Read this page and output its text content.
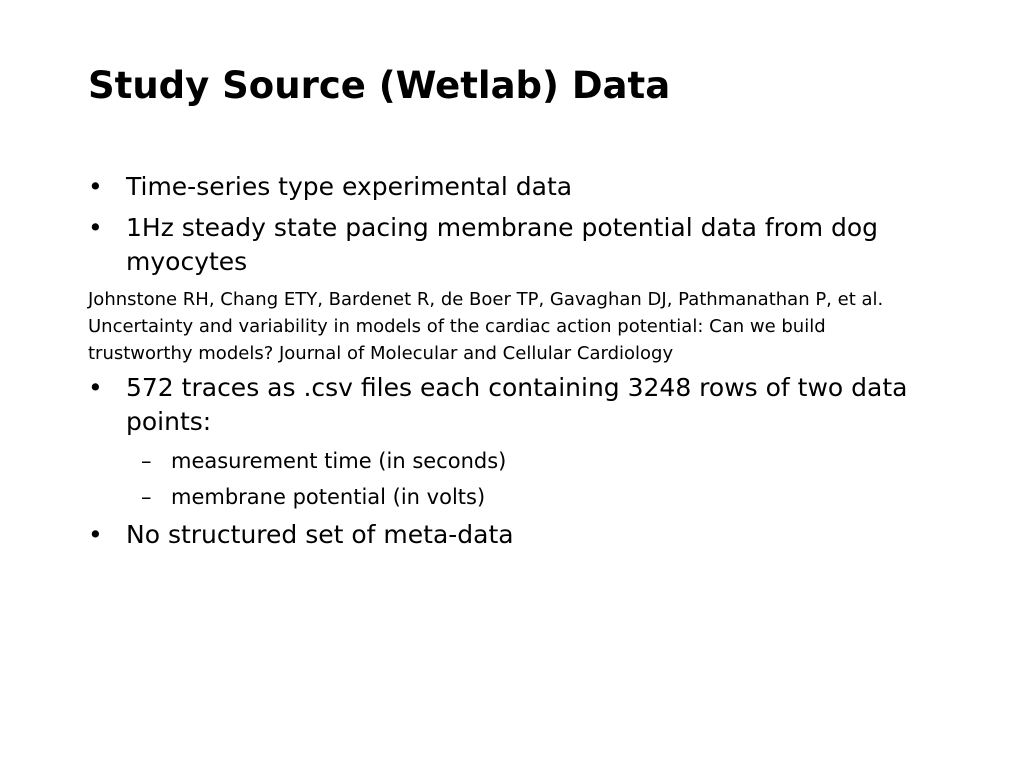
Study Source (Wetlab) Data
• Time-series type experimental data
• 1Hz steady state pacing membrane potential data from dog myocytes
Johnstone RH, Chang ETY, Bardenet R, de Boer TP, Gavaghan DJ, Pathmanathan P, et al. Uncertainty and variability in models of the cardiac action potential: Can we build trustworthy models? Journal of Molecular and Cellular Cardiology
• 572 traces as .csv files each containing 3248 rows of two data points:
– measurement time (in seconds)
– membrane potential (in volts)
• No structured set of meta-data
